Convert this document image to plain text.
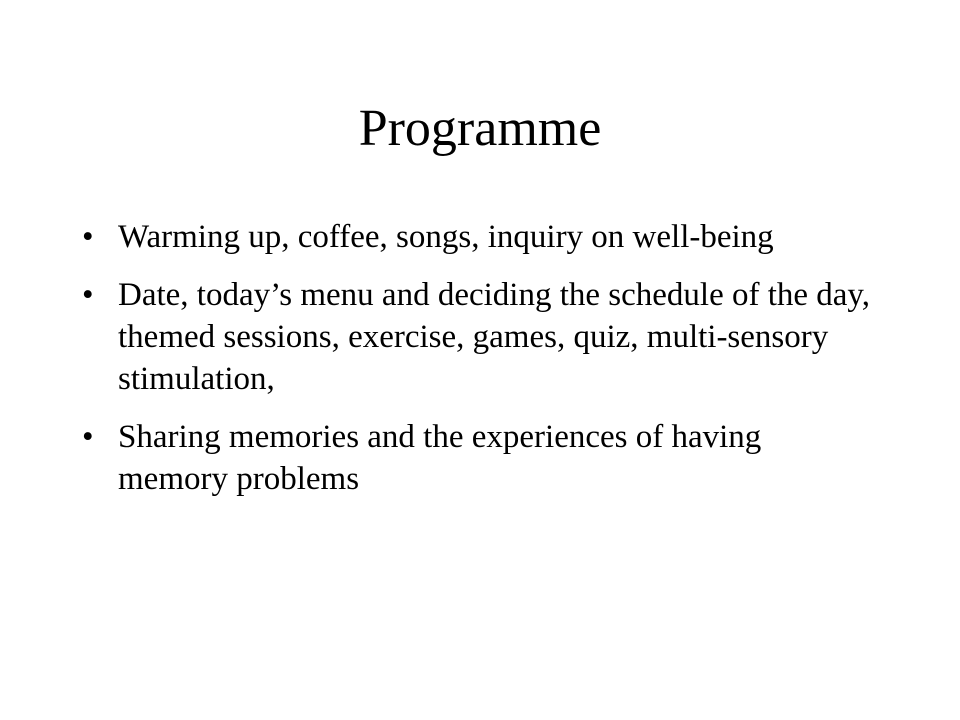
Programme
• Warming up, coffee, songs, inquiry on well-being
• Date, today’s menu and deciding the schedule of the day, themed sessions, exercise, games, quiz, multi-sensory stimulation,
• Sharing memories and the experiences of having memory problems
